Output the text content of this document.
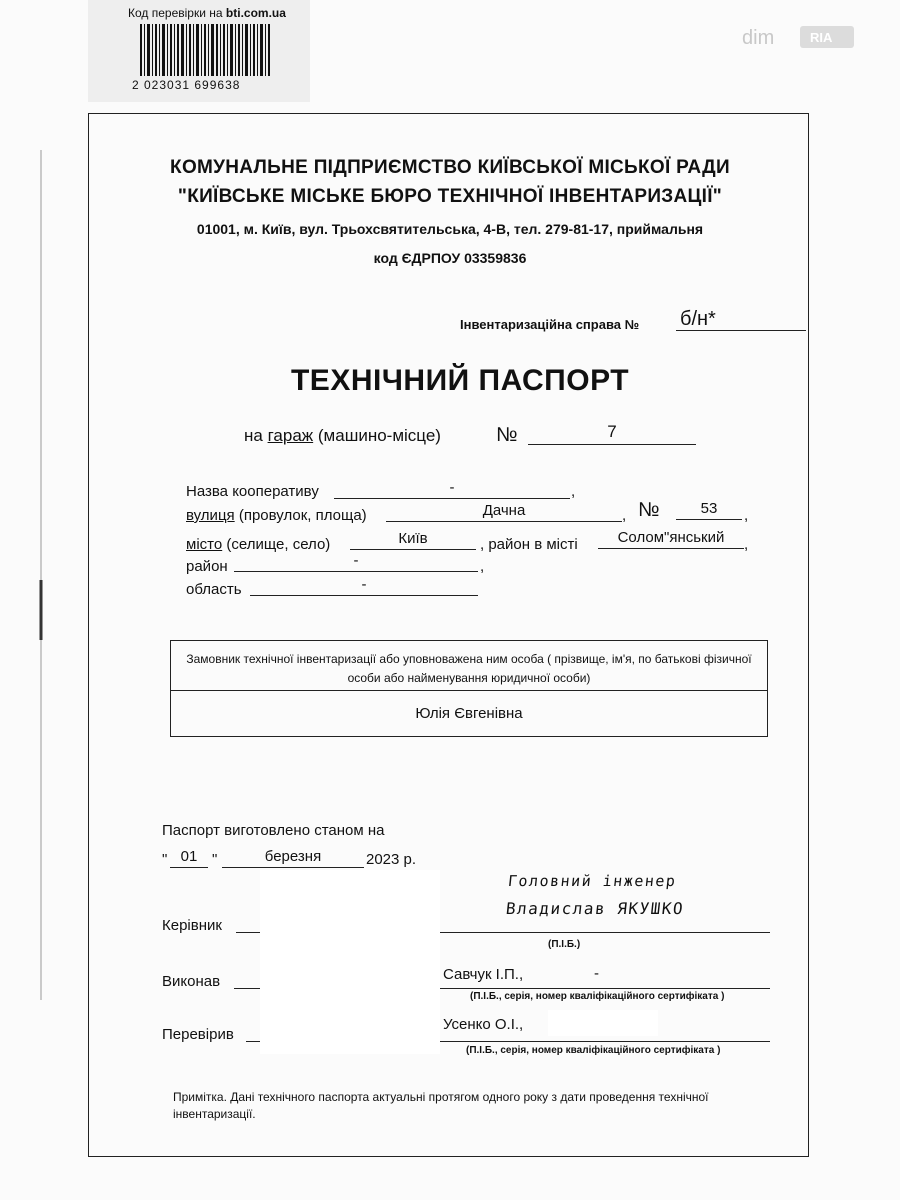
Код перевірки на bti.com.ua
2 023031 699638
dim	RIA
КОМУНАЛЬНЕ ПІДПРИЄМСТВО КИЇВСЬКОЇ МІСЬКОЇ РАДИ
"КИЇВСЬКЕ МІСЬКЕ БЮРО ТЕХНІЧНОЇ ІНВЕНТАРИЗАЦІЇ"
01001, м. Київ, вул. Трьохсвятительська, 4-В, тел. 279-81-17, приймальня
код ЄДРПОУ 03359836
Інвентаризаційна справа № б/н*
ТЕХНІЧНИЙ ПАСПОРТ
на гараж (машино-місце)	№	7
Назва кооперативу	-	,
вулиця (провулок, площа)	Дачна	, №	53	,
місто (селище, село)	Київ	, район в місті	Солом"янський	,
район	-	,
область	-
Замовник технічної інвентаризації або уповноважена ним особа ( прізвище, ім'я, по батькові фізичної особи або найменування юридичної особи)
Юлія Євгенівна
Паспорт виготовлено станом на
" 01 "	березня	2023 р.
Керівник
Головний інженер
Владислав ЯКУШКО
(П.І.Б.)
Виконав	Савчук І.П.,	-
(П.І.Б., серія, номер кваліфікаційного сертифіката )
Перевірив
Усенко О.І.,
(П.І.Б., серія, номер кваліфікаційного сертифіката )
Примітка. Дані технічного паспорта актуальні протягом одного року з дати проведення технічної інвентаризації.
